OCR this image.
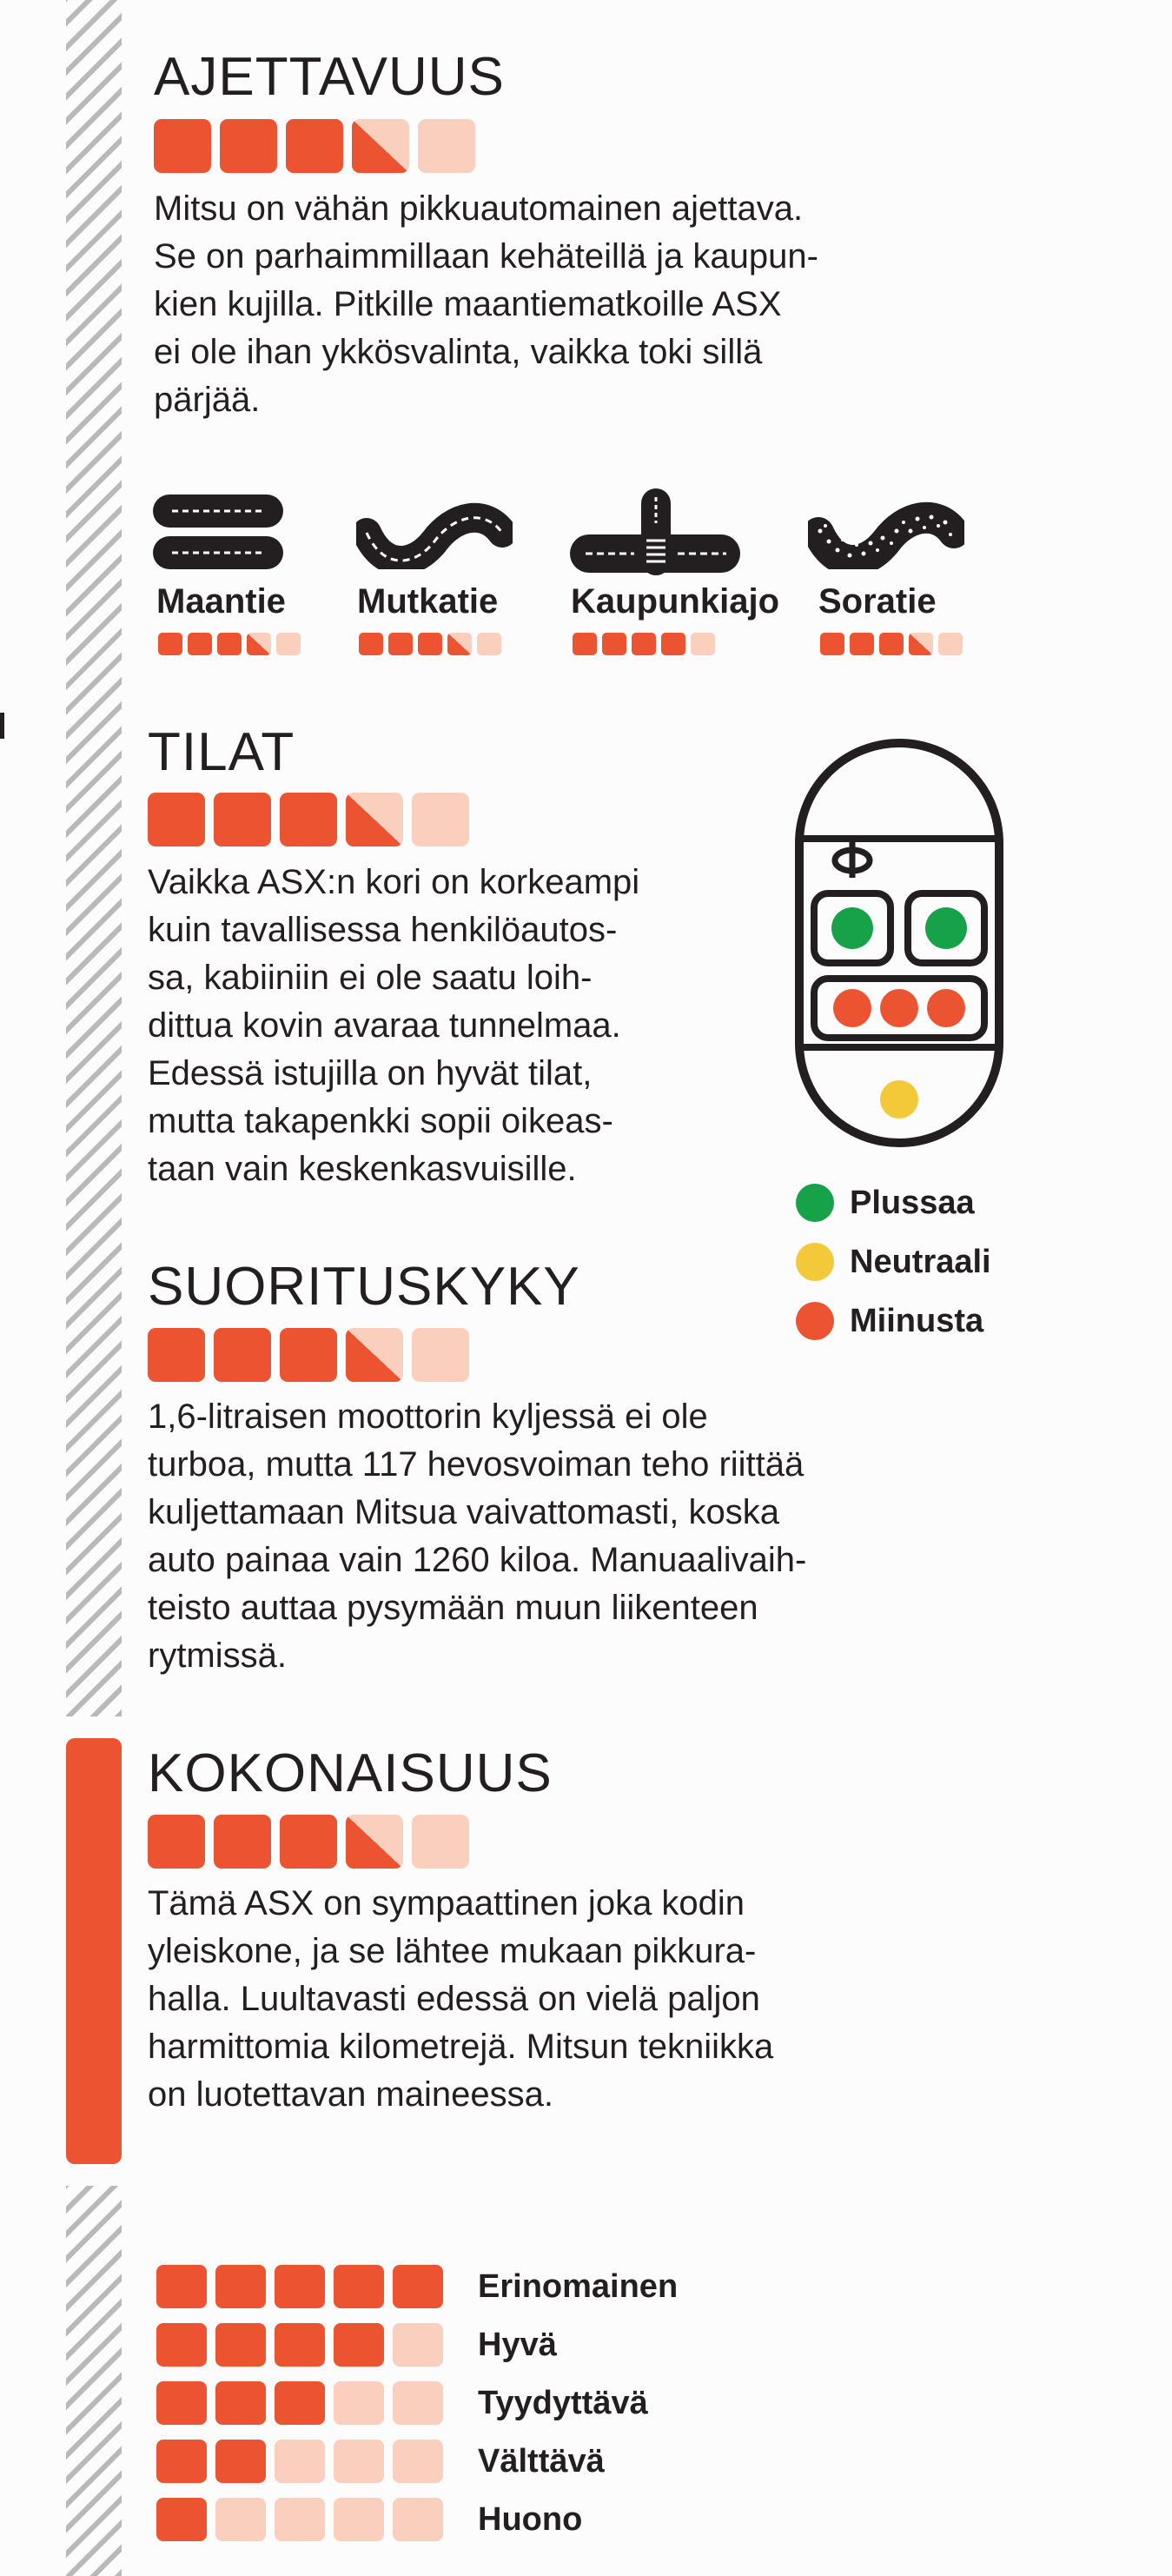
AJETTAVUUS

Mitsu on vähän pikkuautomainen ajettava.
Se on parhaimmillaan kehäteillä ja kaupun-
kien kujilla. Pitkille maantiematkoille ASX
ei ole ihan ykkösvalinta, vaikka toki sillä
pärjää.

Maantie Mutkatie Kaupunkiajo Soratie
TILAT

Vaikka ASX:n kori on korkeampi
kuin tavallisessa henkilöautos-
sa, kabiiniin ei ole saatu loih-
dittua kovin avaraa tunnelmaa.
Edessä istujilla on hyvät tilat,
mutta takapenkki sopii oikeas-
taan vain keskenkasvuisille.

Plussaa
Neutraali
Miinusta
SUORITUSKYKY

1,6-litraisen moottorin kyljessä ei ole
turboa, mutta 117 hevosvoiman teho riittää
kuljettamaan Mitsua vaivattomasti, koska
auto painaa vain 1260 kiloa. Manuaalivaih-
teisto auttaa pysymään muun liikenteen
rytmissä.

KOKONAISUUS

Tämä ASX on sympaattinen joka kodin
yleiskone, ja se lähtee mukaan pikkura-
halla. Luultavasti edessä on vielä paljon
harmittomia kilometrejä. Mitsun tekniikka
on luotettavan maineessa.

Erinomainen
Hyvä
Tyydyttävä
Välttävä
Huono
